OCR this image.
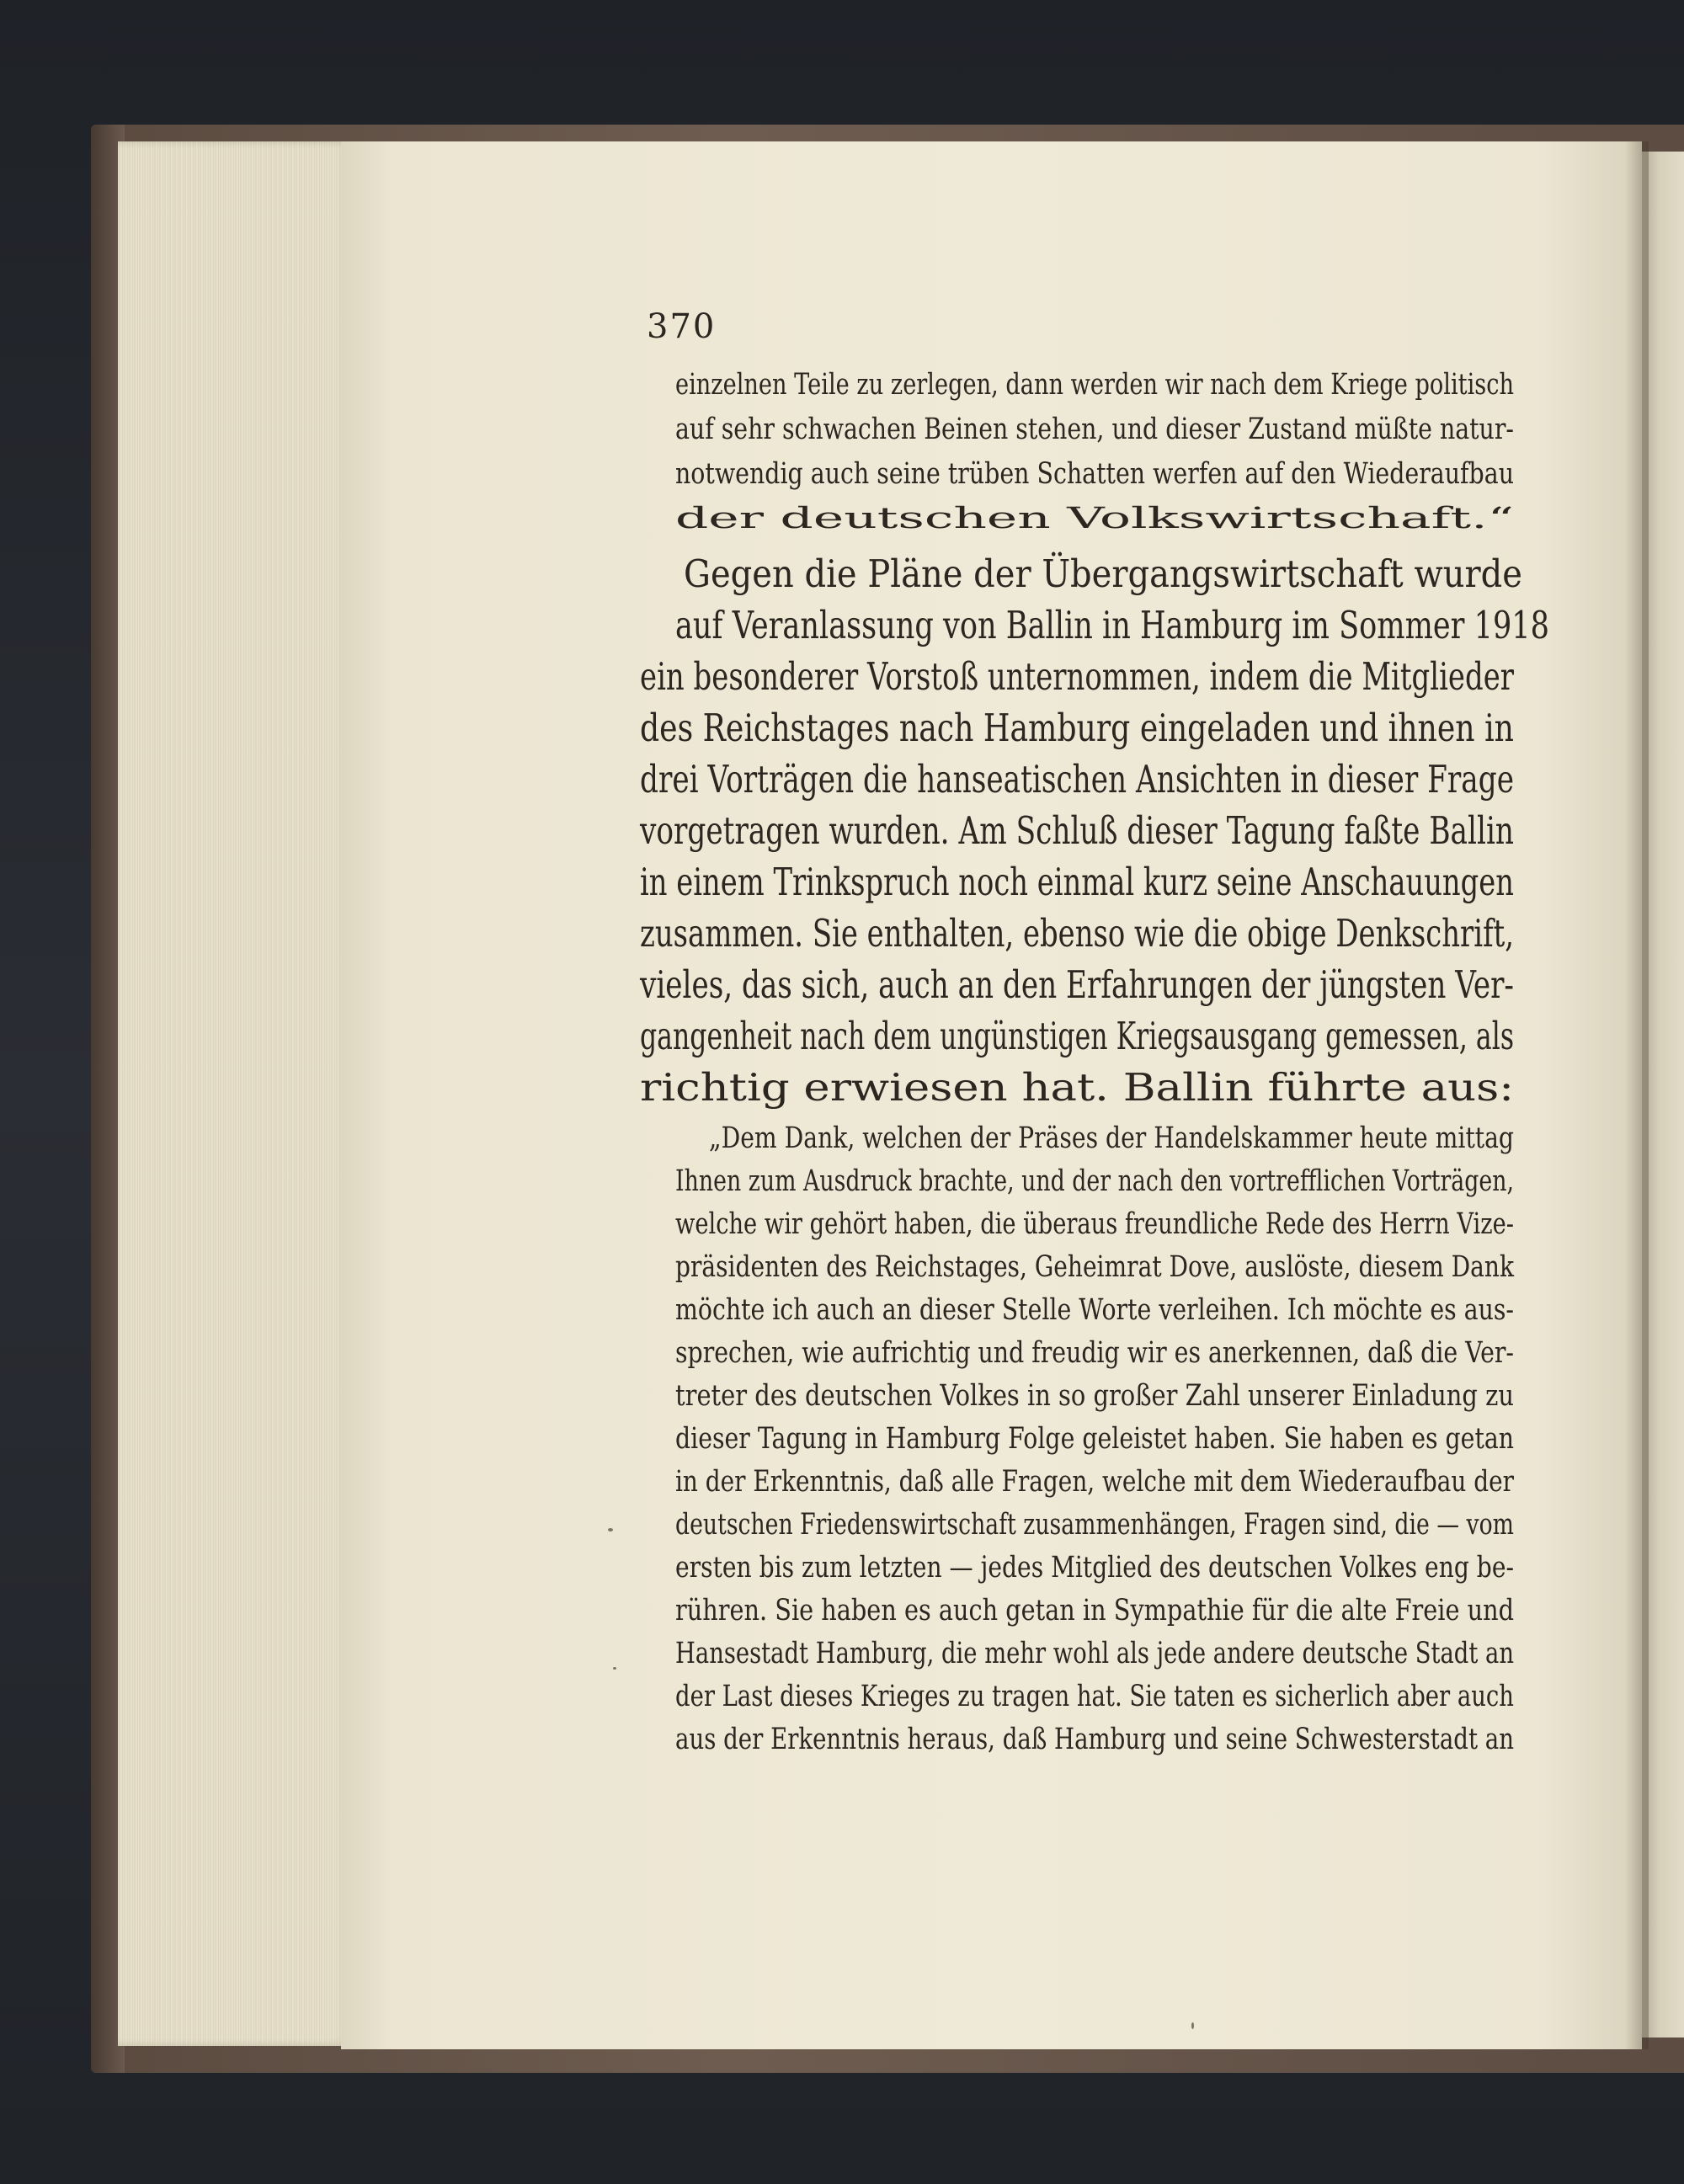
370
einzelnen Teile zu zerlegen, dann werden wir nach dem Kriege politisch
auf sehr schwachen Beinen stehen, und dieser Zustand müßte natur-
notwendig auch seine trüben Schatten werfen auf den Wiederaufbau
der deutschen Volkswirtschaft.“
Gegen die Pläne der Übergangswirtschaft wurde
auf Veranlassung von Ballin in Hamburg im Sommer 1918
ein besonderer Vorstoß unternommen, indem die Mitglieder
des Reichstages nach Hamburg eingeladen und ihnen in
drei Vorträgen die hanseatischen Ansichten in dieser Frage
vorgetragen wurden. Am Schluß dieser Tagung faßte Ballin
in einem Trinkspruch noch einmal kurz seine Anschauungen
zusammen. Sie enthalten, ebenso wie die obige Denkschrift,
vieles, das sich, auch an den Erfahrungen der jüngsten Ver-
gangenheit nach dem ungünstigen Kriegsausgang gemessen, als
richtig erwiesen hat. Ballin führte aus:
„Dem Dank, welchen der Präses der Handelskammer heute mittag
Ihnen zum Ausdruck brachte, und der nach den vortrefflichen Vorträgen,
welche wir gehört haben, die überaus freundliche Rede des Herrn Vize-
präsidenten des Reichstages, Geheimrat Dove, auslöste, diesem Dank
möchte ich auch an dieser Stelle Worte verleihen. Ich möchte es aus-
sprechen, wie aufrichtig und freudig wir es anerkennen, daß die Ver-
treter des deutschen Volkes in so großer Zahl unserer Einladung zu
dieser Tagung in Hamburg Folge geleistet haben. Sie haben es getan
in der Erkenntnis, daß alle Fragen, welche mit dem Wiederaufbau der
deutschen Friedenswirtschaft zusammenhängen, Fragen sind, die — vom
ersten bis zum letzten — jedes Mitglied des deutschen Volkes eng be-
rühren. Sie haben es auch getan in Sympathie für die alte Freie und
Hansestadt Hamburg, die mehr wohl als jede andere deutsche Stadt an
der Last dieses Krieges zu tragen hat. Sie taten es sicherlich aber auch
aus der Erkenntnis heraus, daß Hamburg und seine Schwesterstadt an
